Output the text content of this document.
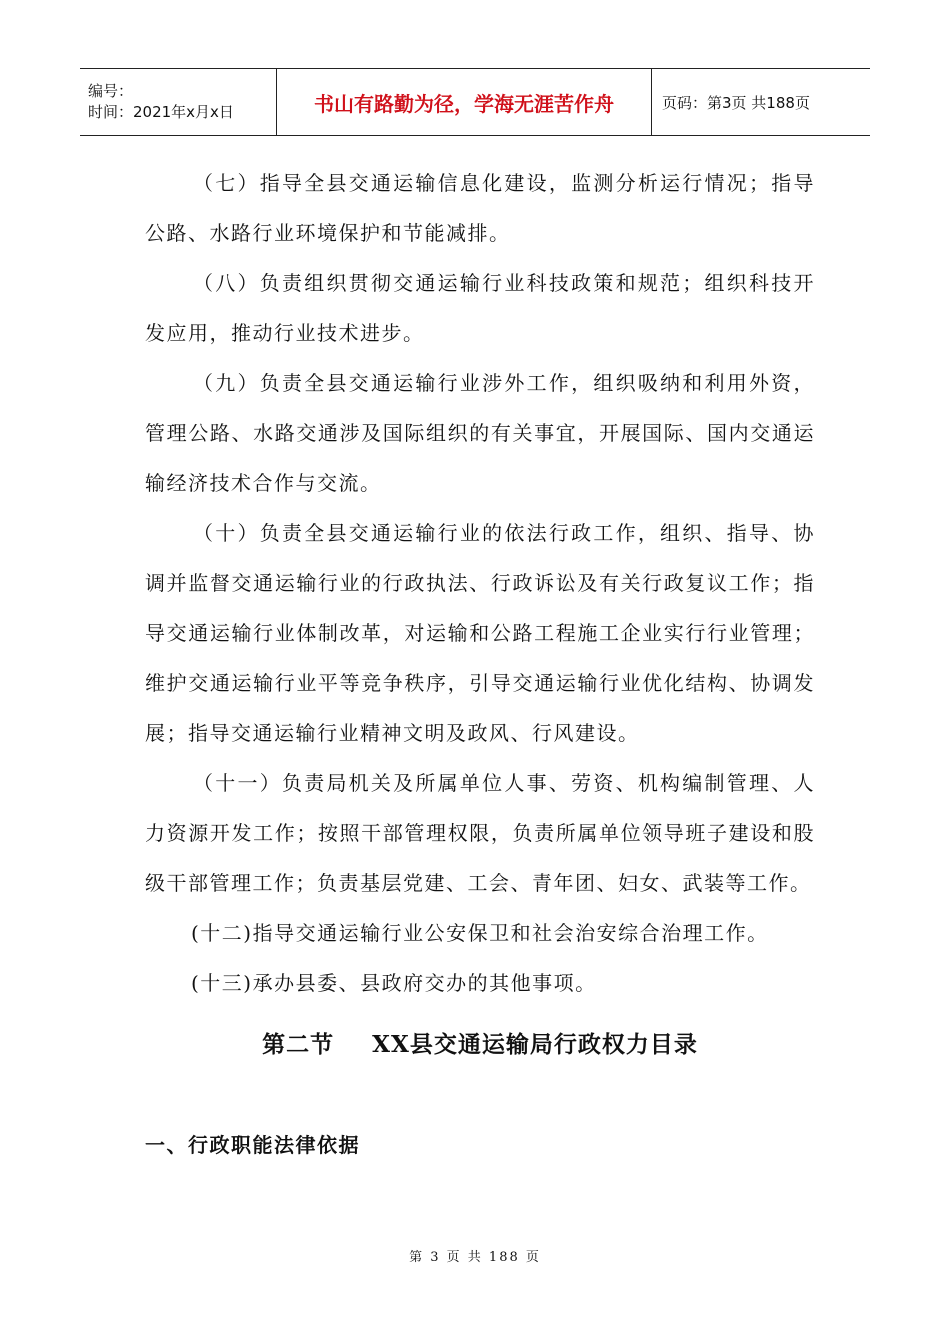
编号：
时间：2021年x月x日	书山有路勤为径，学海无涯苦作舟	页码：第3页 共188页

（七）指导全县交通运输信息化建设，监测分析运行情况；指导公路、水路行业环境保护和节能减排。

（八）负责组织贯彻交通运输行业科技政策和规范；组织科技开发应用，推动行业技术进步。

（九）负责全县交通运输行业涉外工作，组织吸纳和利用外资，管理公路、水路交通涉及国际组织的有关事宜，开展国际、国内交通运输经济技术合作与交流。

（十）负责全县交通运输行业的依法行政工作，组织、指导、协调并监督交通运输行业的行政执法、行政诉讼及有关行政复议工作；指导交通运输行业体制改革，对运输和公路工程施工企业实行行业管理；维护交通运输行业平等竞争秩序，引导交通运输行业优化结构、协调发展；指导交通运输行业精神文明及政风、行风建设。

（十一）负责局机关及所属单位人事、劳资、机构编制管理、人力资源开发工作；按照干部管理权限，负责所属单位领导班子建设和股级干部管理工作；负责基层党建、工会、青年团、妇女、武装等工作。

(十二)指导交通运输行业公安保卫和社会治安综合治理工作。

(十三)承办县委、县政府交办的其他事项。

第二节 XX县交通运输局行政权力目录
一、行政职能法律依据
第 3 页 共 188 页
